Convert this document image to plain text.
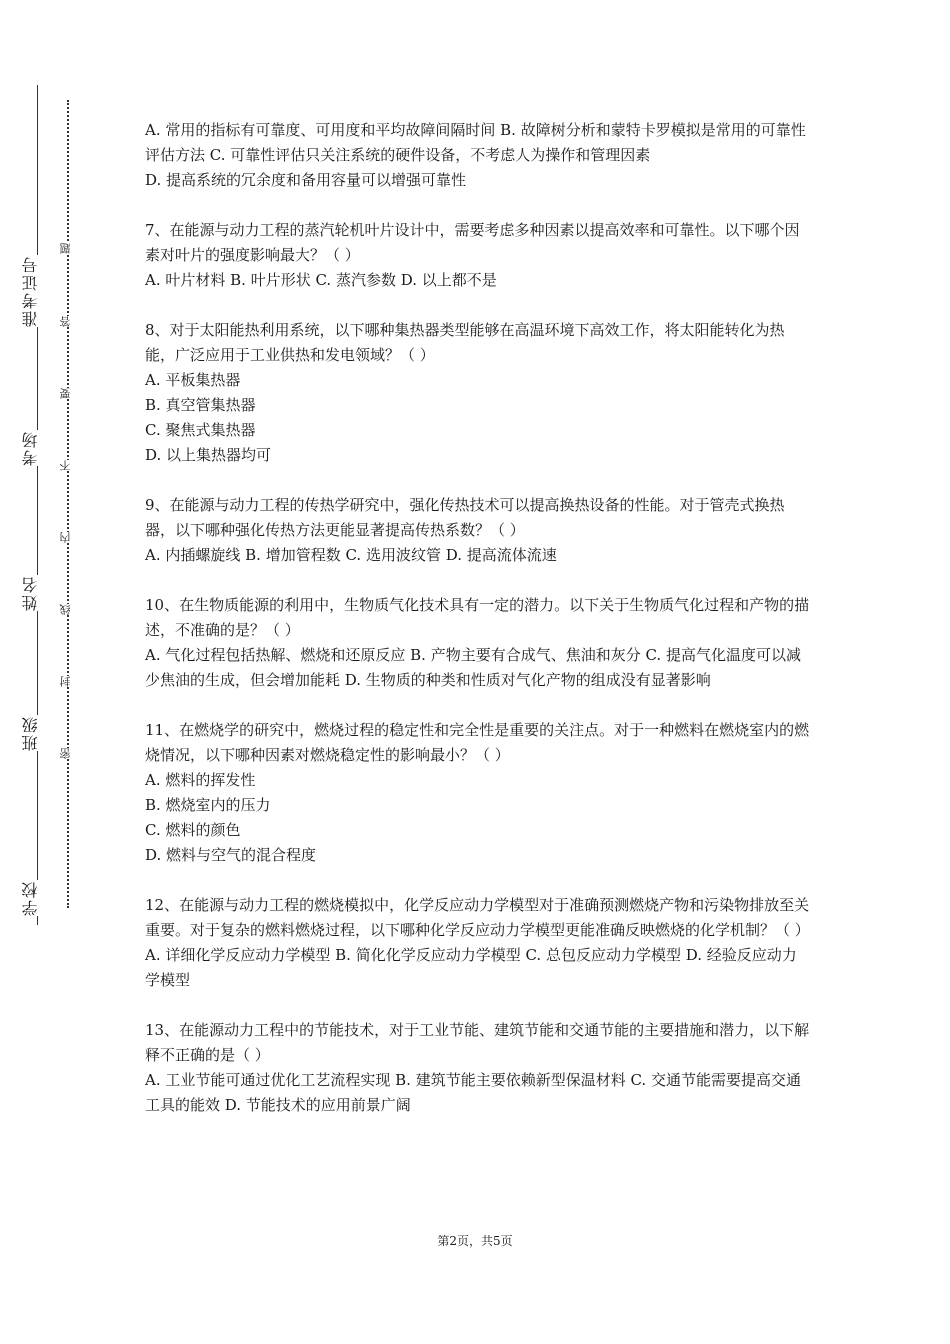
准考证号
考场
姓名
班级
学校
题
答
要
不
内
线
封
密

A. 常用的指标有可靠度、可用度和平均故障间隔时间 B. 故障树分析和蒙特卡罗模拟是常用的可靠性评估方法 C. 可靠性评估只关注系统的硬件设备，不考虑人为操作和管理因素

D. 提高系统的冗余度和备用容量可以增强可靠性

7、在能源与动力工程的蒸汽轮机叶片设计中，需要考虑多种因素以提高效率和可靠性。以下哪个因素对叶片的强度影响最大？（ ）

A. 叶片材料 B. 叶片形状 C. 蒸汽参数 D. 以上都不是

8、对于太阳能热利用系统，以下哪种集热器类型能够在高温环境下高效工作，将太阳能转化为热能，广泛应用于工业供热和发电领域？（ ）

A. 平板集热器

B. 真空管集热器

C. 聚焦式集热器

D. 以上集热器均可

9、在能源与动力工程的传热学研究中，强化传热技术可以提高换热设备的性能。对于管壳式换热器，以下哪种强化传热方法更能显著提高传热系数？（ ）

A. 内插螺旋线 B. 增加管程数 C. 选用波纹管 D. 提高流体流速

10、在生物质能源的利用中，生物质气化技术具有一定的潜力。以下关于生物质气化过程和产物的描述，不准确的是？（ ）

A. 气化过程包括热解、燃烧和还原反应 B. 产物主要有合成气、焦油和灰分 C. 提高气化温度可以减少焦油的生成，但会增加能耗 D. 生物质的种类和性质对气化产物的组成没有显著影响

11、在燃烧学的研究中，燃烧过程的稳定性和完全性是重要的关注点。对于一种燃料在燃烧室内的燃烧情况，以下哪种因素对燃烧稳定性的影响最小？（ ）

A. 燃料的挥发性

B. 燃烧室内的压力

C. 燃料的颜色

D. 燃料与空气的混合程度

12、在能源与动力工程的燃烧模拟中，化学反应动力学模型对于准确预测燃烧产物和污染物排放至关重要。对于复杂的燃料燃烧过程，以下哪种化学反应动力学模型更能准确反映燃烧的化学机制？（ ）

A. 详细化学反应动力学模型 B. 简化化学反应动力学模型 C. 总包反应动力学模型 D. 经验反应动力学模型

13、在能源动力工程中的节能技术，对于工业节能、建筑节能和交通节能的主要措施和潜力，以下解释不正确的是（ ）

A. 工业节能可通过优化工艺流程实现 B. 建筑节能主要依赖新型保温材料 C. 交通节能需要提高交通工具的能效 D. 节能技术的应用前景广阔

第2页，共5页
